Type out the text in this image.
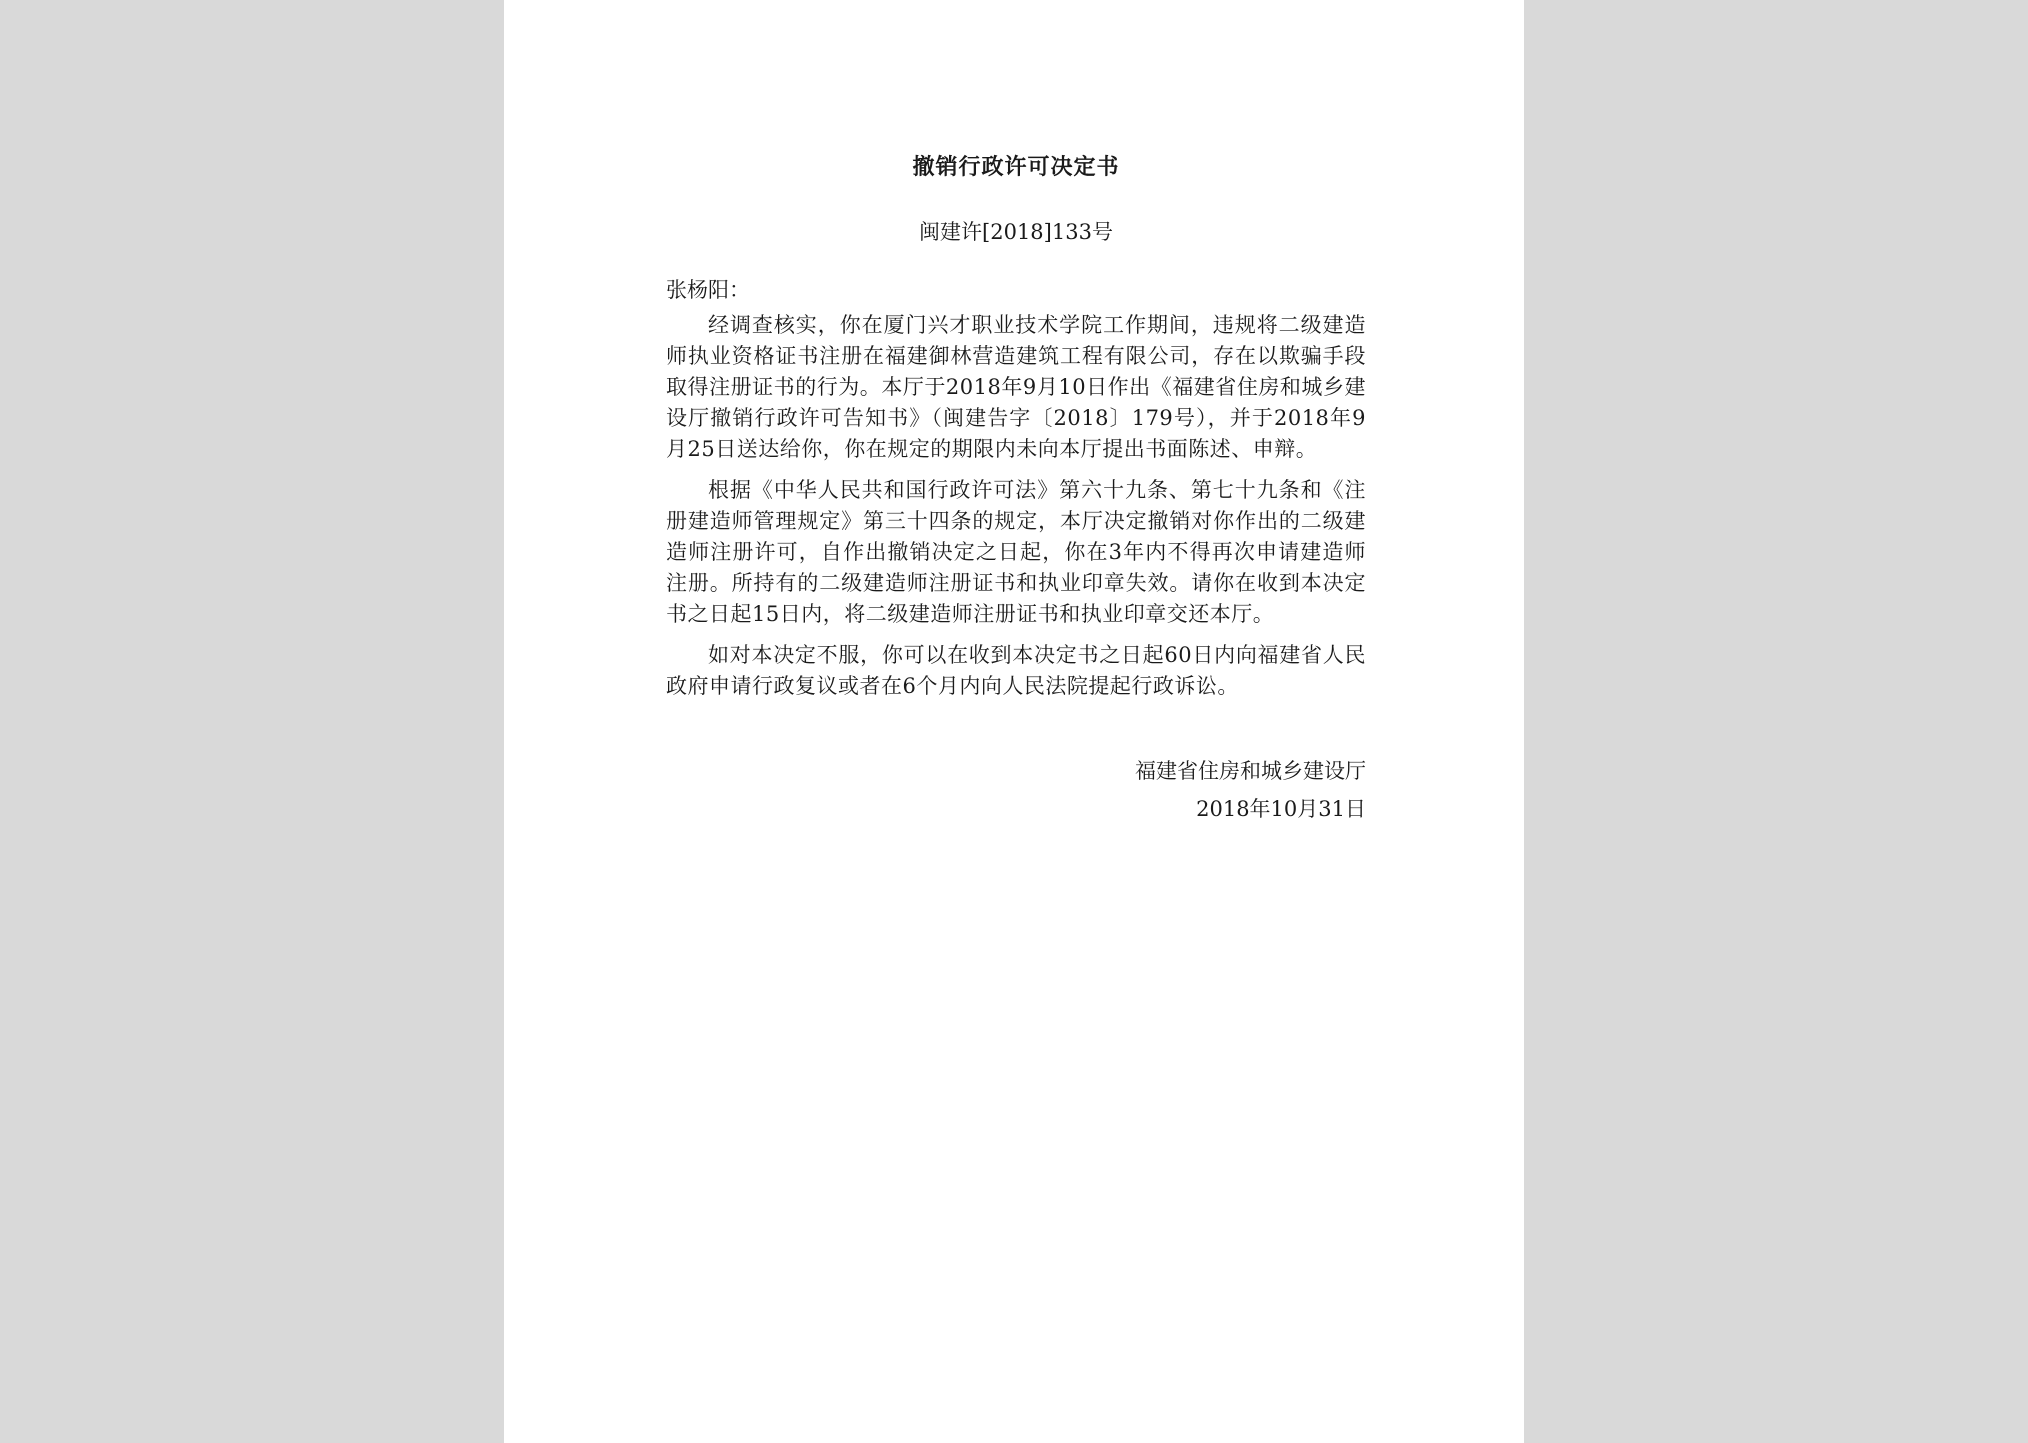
撤销行政许可决定书
闽建许[2018]133号
张杨阳：

经调查核实，你在厦门兴才职业技术学院工作期间，违规将二级建造师执业资格证书注册在福建御林营造建筑工程有限公司，存在以欺骗手段取得注册证书的行为。本厅于2018年9月10日作出《福建省住房和城乡建设厅撤销行政许可告知书》（闽建告字〔2018〕179号），并于2018年9月25日送达给你，你在规定的期限内未向本厅提出书面陈述、申辩。

根据《中华人民共和国行政许可法》第六十九条、第七十九条和《注册建造师管理规定》第三十四条的规定，本厅决定撤销对你作出的二级建造师注册许可，自作出撤销决定之日起，你在3年内不得再次申请建造师注册。所持有的二级建造师注册证书和执业印章失效。请你在收到本决定书之日起15日内，将二级建造师注册证书和执业印章交还本厅。

如对本决定不服，你可以在收到本决定书之日起60日内向福建省人民政府申请行政复议或者在6个月内向人民法院提起行政诉讼。

福建省住房和城乡建设厅
2018年10月31日
